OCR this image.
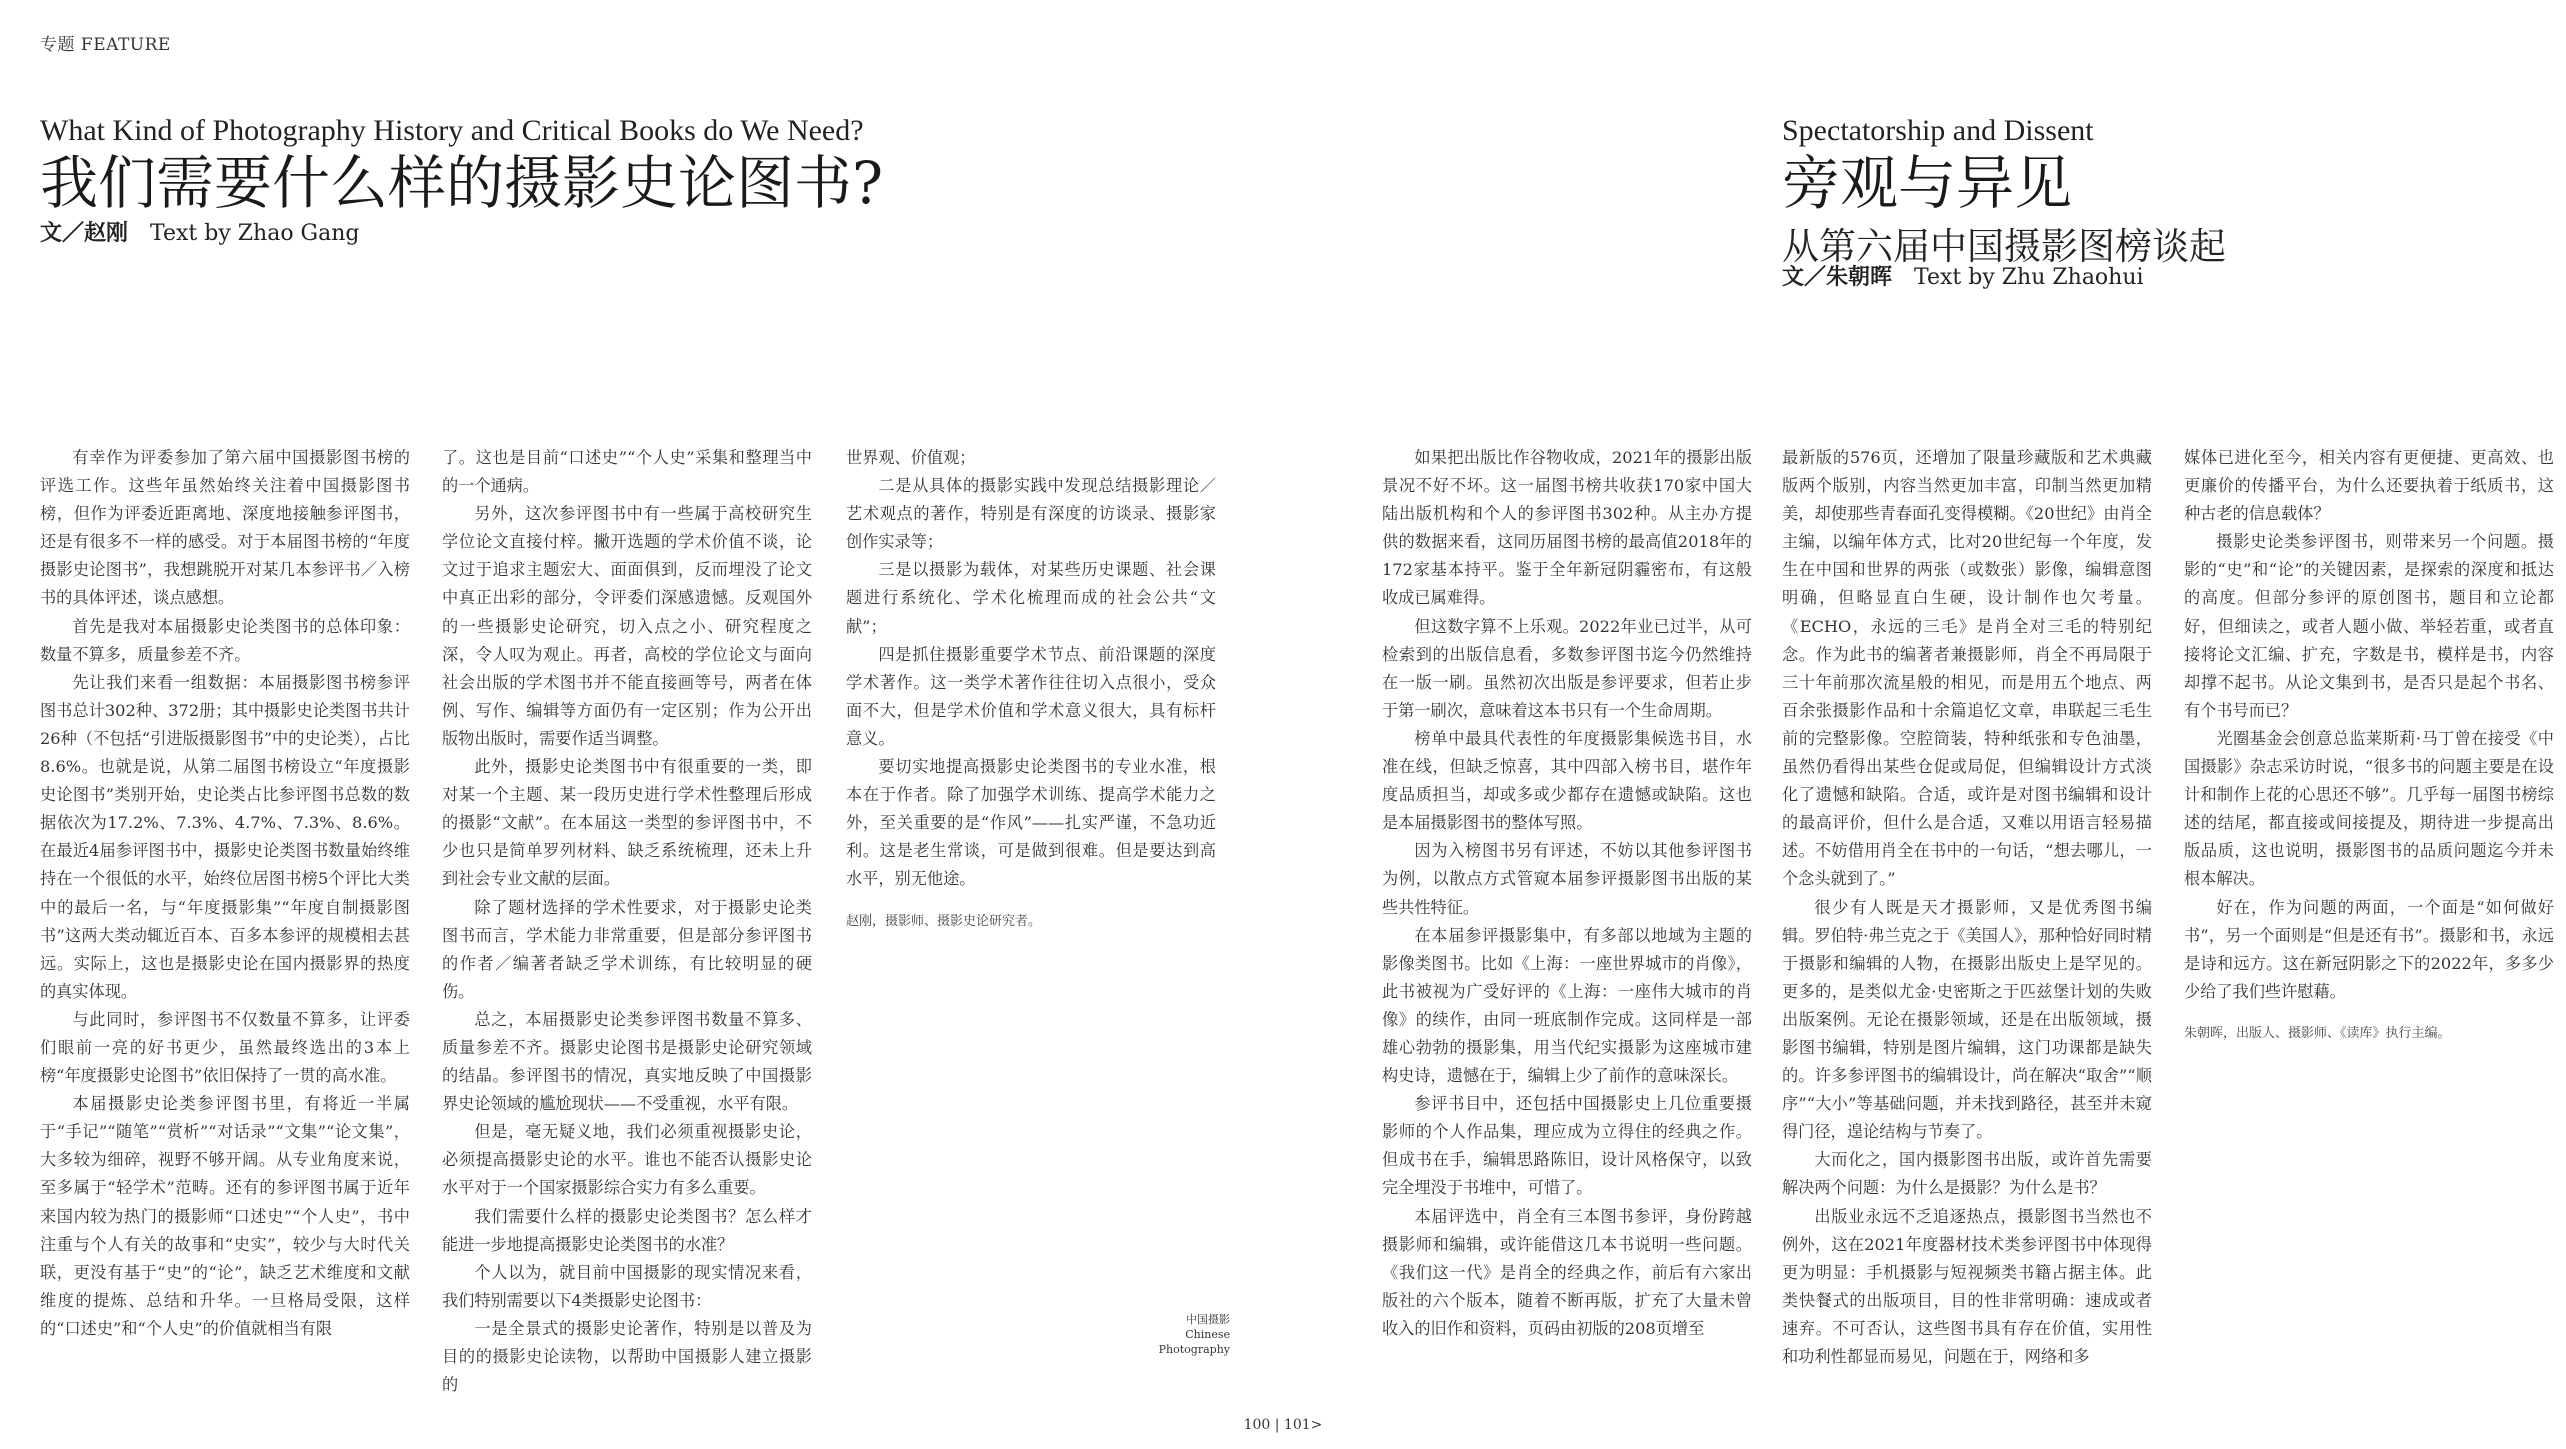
专题 FEATURE
What Kind of Photography History and Critical Books do We Need?
我们需要什么样的摄影史论图书?
文／赵刚 Text by Zhao Gang
Spectatorship and Dissent
旁观与异见
从第六届中国摄影图榜谈起
文／朱朝晖 Text by Zhu Zhaohui

有幸作为评委参加了第六届中国摄影图书榜的评选工作。这些年虽然始终关注着中国摄影图书榜，但作为评委近距离地、深度地接触参评图书，还是有很多不一样的感受。对于本届图书榜的“年度摄影史论图书”，我想跳脱开对某几本参评书／入榜书的具体评述，谈点感想。

首先是我对本届摄影史论类图书的总体印象：数量不算多，质量参差不齐。

先让我们来看一组数据：本届摄影图书榜参评图书总计302种、372册；其中摄影史论类图书共计26种（不包括“引进版摄影图书”中的史论类），占比8.6%。也就是说，从第二届图书榜设立“年度摄影史论图书”类别开始，史论类占比参评图书总数的数据依次为17.2%、7.3%、4.7%、7.3%、8.6%。在最近4届参评图书中，摄影史论类图书数量始终维持在一个很低的水平，始终位居图书榜5个评比大类中的最后一名，与“年度摄影集”“年度自制摄影图书”这两大类动辄近百本、百多本参评的规模相去甚远。实际上，这也是摄影史论在国内摄影界的热度的真实体现。

与此同时，参评图书不仅数量不算多，让评委们眼前一亮的好书更少，虽然最终选出的3本上榜“年度摄影史论图书”依旧保持了一贯的高水准。

本届摄影史论类参评图书里，有将近一半属于“手记”“随笔”“赏析”“对话录”“文集”“论文集”，大多较为细碎，视野不够开阔。从专业角度来说，至多属于“轻学术”范畴。还有的参评图书属于近年来国内较为热门的摄影师“口述史”“个人史”，书中注重与个人有关的故事和“史实”，较少与大时代关联，更没有基于“史”的“论”，缺乏艺术维度和文献维度的提炼、总结和升华。一旦格局受限，这样的“口述史”和“个人史”的价值就相当有限

了。这也是目前“口述史”“个人史”采集和整理当中的一个通病。

另外，这次参评图书中有一些属于高校研究生学位论文直接付梓。撇开选题的学术价值不谈，论文过于追求主题宏大、面面俱到，反而埋没了论文中真正出彩的部分，令评委们深感遗憾。反观国外的一些摄影史论研究，切入点之小、研究程度之深，令人叹为观止。再者，高校的学位论文与面向社会出版的学术图书并不能直接画等号，两者在体例、写作、编辑等方面仍有一定区别；作为公开出版物出版时，需要作适当调整。

此外，摄影史论类图书中有很重要的一类，即对某一个主题、某一段历史进行学术性整理后形成的摄影“文献”。在本届这一类型的参评图书中，不少也只是简单罗列材料、缺乏系统梳理，还未上升到社会专业文献的层面。

除了题材选择的学术性要求，对于摄影史论类图书而言，学术能力非常重要，但是部分参评图书的作者／编著者缺乏学术训练，有比较明显的硬伤。

总之，本届摄影史论类参评图书数量不算多、质量参差不齐。摄影史论图书是摄影史论研究领域的结晶。参评图书的情况，真实地反映了中国摄影界史论领域的尴尬现状——不受重视，水平有限。

但是，毫无疑义地，我们必须重视摄影史论，必须提高摄影史论的水平。谁也不能否认摄影史论水平对于一个国家摄影综合实力有多么重要。

我们需要什么样的摄影史论类图书？怎么样才能进一步地提高摄影史论类图书的水准？

个人以为，就目前中国摄影的现实情况来看，我们特别需要以下4类摄影史论图书：

一是全景式的摄影史论著作，特别是以普及为目的的摄影史论读物，以帮助中国摄影人建立摄影的

世界观、价值观；

二是从具体的摄影实践中发现总结摄影理论／艺术观点的著作，特别是有深度的访谈录、摄影家创作实录等；

三是以摄影为载体，对某些历史课题、社会课题进行系统化、学术化梳理而成的社会公共“文献”；

四是抓住摄影重要学术节点、前沿课题的深度学术著作。这一类学术著作往往切入点很小，受众面不大，但是学术价值和学术意义很大，具有标杆意义。

要切实地提高摄影史论类图书的专业水准，根本在于作者。除了加强学术训练、提高学术能力之外，至关重要的是“作风”——扎实严谨，不急功近利。这是老生常谈，可是做到很难。但是要达到高水平，别无他途。

赵刚，摄影师、摄影史论研究者。

中国摄影
Chinese
Photography

如果把出版比作谷物收成，2021年的摄影出版景况不好不坏。这一届图书榜共收获170家中国大陆出版机构和个人的参评图书302种。从主办方提供的数据来看，这同历届图书榜的最高值2018年的172家基本持平。鉴于全年新冠阴霾密布，有这般收成已属难得。

但这数字算不上乐观。2022年业已过半，从可检索到的出版信息看，多数参评图书迄今仍然维持在一版一刷。虽然初次出版是参评要求，但若止步于第一刷次，意味着这本书只有一个生命周期。

榜单中最具代表性的年度摄影集候选书目，水准在线，但缺乏惊喜，其中四部入榜书目，堪作年度品质担当，却或多或少都存在遗憾或缺陷。这也是本届摄影图书的整体写照。

因为入榜图书另有评述，不妨以其他参评图书为例，以散点方式管窥本届参评摄影图书出版的某些共性特征。

在本届参评摄影集中，有多部以地域为主题的影像类图书。比如《上海：一座世界城市的肖像》，此书被视为广受好评的《上海：一座伟大城市的肖像》的续作，由同一班底制作完成。这同样是一部雄心勃勃的摄影集，用当代纪实摄影为这座城市建构史诗，遗憾在于，编辑上少了前作的意味深长。

参评书目中，还包括中国摄影史上几位重要摄影师的个人作品集，理应成为立得住的经典之作。但成书在手，编辑思路陈旧，设计风格保守，以致完全埋没于书堆中，可惜了。

本届评选中，肖全有三本图书参评，身份跨越摄影师和编辑，或许能借这几本书说明一些问题。《我们这一代》是肖全的经典之作，前后有六家出版社的六个版本，随着不断再版，扩充了大量未曾收入的旧作和资料，页码由初版的208页增至

最新版的576页，还增加了限量珍藏版和艺术典藏版两个版别，内容当然更加丰富，印制当然更加精美，却使那些青春面孔变得模糊。《20世纪》由肖全主编，以编年体方式，比对20世纪每一个年度，发生在中国和世界的两张（或数张）影像，编辑意图明确，但略显直白生硬，设计制作也欠考量。《ECHO，永远的三毛》是肖全对三毛的特别纪念。作为此书的编著者兼摄影师，肖全不再局限于三十年前那次流星般的相见，而是用五个地点、两百余张摄影作品和十余篇追忆文章，串联起三毛生前的完整影像。空腔筒装，特种纸张和专色油墨，虽然仍看得出某些仓促或局促，但编辑设计方式淡化了遗憾和缺陷。合适，或许是对图书编辑和设计的最高评价，但什么是合适，又难以用语言轻易描述。不妨借用肖全在书中的一句话，“想去哪儿，一个念头就到了。”

很少有人既是天才摄影师，又是优秀图书编辑。罗伯特·弗兰克之于《美国人》，那种恰好同时精于摄影和编辑的人物，在摄影出版史上是罕见的。更多的，是类似尤金·史密斯之于匹兹堡计划的失败出版案例。无论在摄影领域，还是在出版领域，摄影图书编辑，特别是图片编辑，这门功课都是缺失的。许多参评图书的编辑设计，尚在解决“取舍”“顺序”“大小”等基础问题，并未找到路径，甚至并未窥得门径，遑论结构与节奏了。

大而化之，国内摄影图书出版，或许首先需要解决两个问题：为什么是摄影？为什么是书？

出版业永远不乏追逐热点，摄影图书当然也不例外，这在2021年度器材技术类参评图书中体现得更为明显：手机摄影与短视频类书籍占据主体。此类快餐式的出版项目，目的性非常明确：速成或者速弃。不可否认，这些图书具有存在价值，实用性和功利性都显而易见，问题在于，网络和多

媒体已进化至今，相关内容有更便捷、更高效、也更廉价的传播平台，为什么还要执着于纸质书，这种古老的信息载体？

摄影史论类参评图书，则带来另一个问题。摄影的“史”和“论”的关键因素，是探索的深度和抵达的高度。但部分参评的原创图书，题目和立论都好，但细读之，或者人题小做、举轻若重，或者直接将论文汇编、扩充，字数是书，模样是书，内容却撑不起书。从论文集到书，是否只是起个书名、有个书号而已？

光圈基金会创意总监莱斯莉·马丁曾在接受《中国摄影》杂志采访时说，“很多书的问题主要是在设计和制作上花的心思还不够”。几乎每一届图书榜综述的结尾，都直接或间接提及，期待进一步提高出版品质，这也说明，摄影图书的品质问题迄今并未根本解决。

好在，作为问题的两面，一个面是“如何做好书”，另一个面则是“但是还有书”。摄影和书，永远是诗和远方。这在新冠阴影之下的2022年，多多少少给了我们些许慰藉。

朱朝晖，出版人、摄影师、《读库》执行主编。

100 | 101>
